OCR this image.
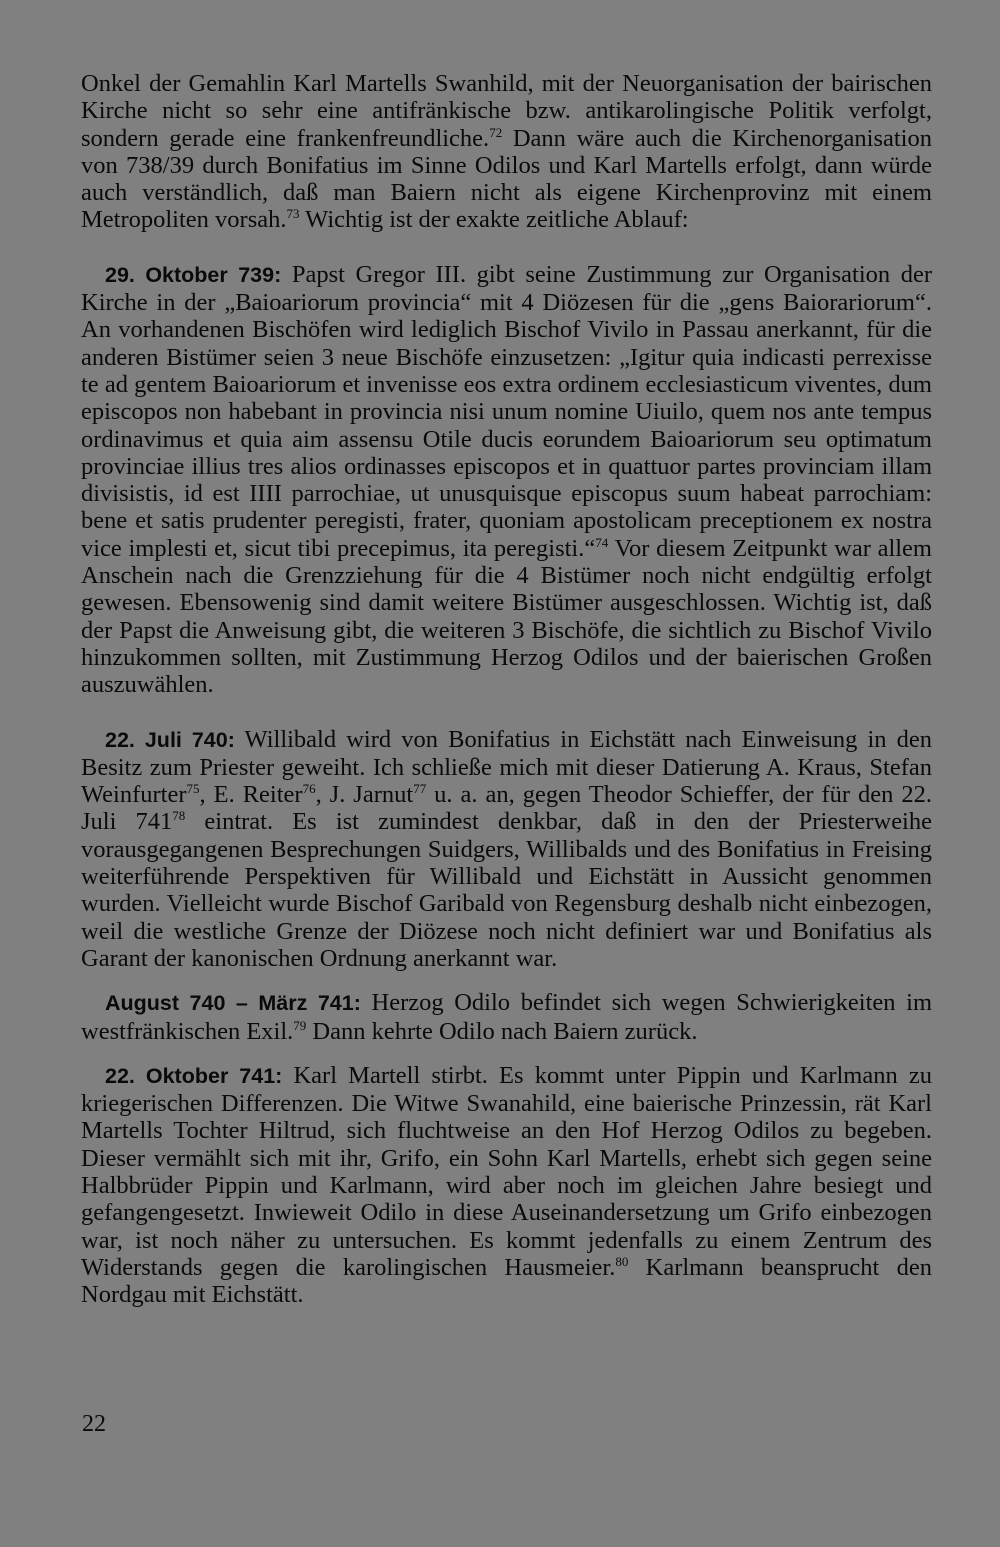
Onkel der Gemahlin Karl Martells Swanhild, mit der Neuorganisation der bairischen Kirche nicht so sehr eine antifränkische bzw. antikarolingische Politik verfolgt, sondern gerade eine frankenfreundliche.$^{72}$ Dann wäre auch die Kirchenorganisation von 738/39 durch Bonifatius im Sinne Odilos und Karl Martells erfolgt, dann würde auch verständlich, daß man Baiern nicht als eigene Kirchenprovinz mit einem Metropoliten vorsah.$^{73}$ Wichtig ist der exakte zeitliche Ablauf:

29. Oktober 739: Papst Gregor III. gibt seine Zustimmung zur Organisation der Kirche in der „Baioariorum provincia“ mit 4 Diözesen für die „gens Baiorariorum“. An vorhandenen Bischöfen wird lediglich Bischof Vivilo in Passau anerkannt, für die anderen Bistümer seien 3 neue Bischöfe einzusetzen: „Igitur quia indicasti perrexisse te ad gentem Baioariorum et invenisse eos extra ordinem ecclesiasticum viventes, dum episcopos non habebant in provincia nisi unum nomine Uiuilo, quem nos ante tempus ordinavimus et quia aim assensu Otile ducis eorundem Baioariorum seu optimatum provinciae illius tres alios ordinasses episcopos et in quattuor partes provinciam illam divisistis, id est IIII parrochiae, ut unusquisque episcopus suum habeat parrochiam: bene et satis prudenter peregisti, frater, quoniam apostolicam preceptionem ex nostra vice implesti et, sicut tibi precepimus, ita peregisti.“$^{74}$ Vor diesem Zeitpunkt war allem Anschein nach die Grenzziehung für die 4 Bistümer noch nicht endgültig erfolgt gewesen. Ebensowenig sind damit weitere Bistümer ausgeschlossen. Wichtig ist, daß der Papst die Anweisung gibt, die weiteren 3 Bischöfe, die sichtlich zu Bischof Vivilo hinzukommen sollten, mit Zustimmung Herzog Odilos und der baierischen Großen auszuwählen.

22. Juli 740: Willibald wird von Bonifatius in Eichstätt nach Einweisung in den Besitz zum Priester geweiht. Ich schließe mich mit dieser Datierung A. Kraus, Stefan Weinfurter$^{75}$, E. Reiter$^{76}$, J. Jarnut$^{77}$ u. a. an, gegen Theodor Schieffer, der für den 22. Juli $741^{78}$ eintrat. Es ist zumindest denkbar, daß in den der Priesterweihe vorausgegangenen Besprechungen Suidgers, Willibalds und des Bonifatius in Freising weiterführende Perspektiven für Willibald und Eichstätt in Aussicht genommen wurden. Vielleicht wurde Bischof Garibald von Regensburg deshalb nicht einbezogen, weil die westliche Grenze der Diözese noch nicht definiert war und Bonifatius als Garant der kanonischen Ordnung anerkannt war.

August 740 – März 741: Herzog Odilo befindet sich wegen Schwierigkeiten im westfränkischen Exil.$^{79}$ Dann kehrte Odilo nach Baiern zurück.

22. Oktober 741: Karl Martell stirbt. Es kommt unter Pippin und Karlmann zu kriegerischen Differenzen. Die Witwe Swanahild, eine baierische Prinzessin, rät Karl Martells Tochter Hiltrud, sich fluchtweise an den Hof Herzog Odilos zu begeben. Dieser vermählt sich mit ihr, Grifo, ein Sohn Karl Martells, erhebt sich gegen seine Halbbrüder Pippin und Karlmann, wird aber noch im gleichen Jahre besiegt und gefangengesetzt. Inwieweit Odilo in diese Auseinandersetzung um Grifo einbezogen war, ist noch näher zu untersuchen. Es kommt jedenfalls zu einem Zentrum des Widerstands gegen die karolingischen Hausmeier.$^{80}$ Karlmann beansprucht den Nordgau mit Eichstätt.

22
